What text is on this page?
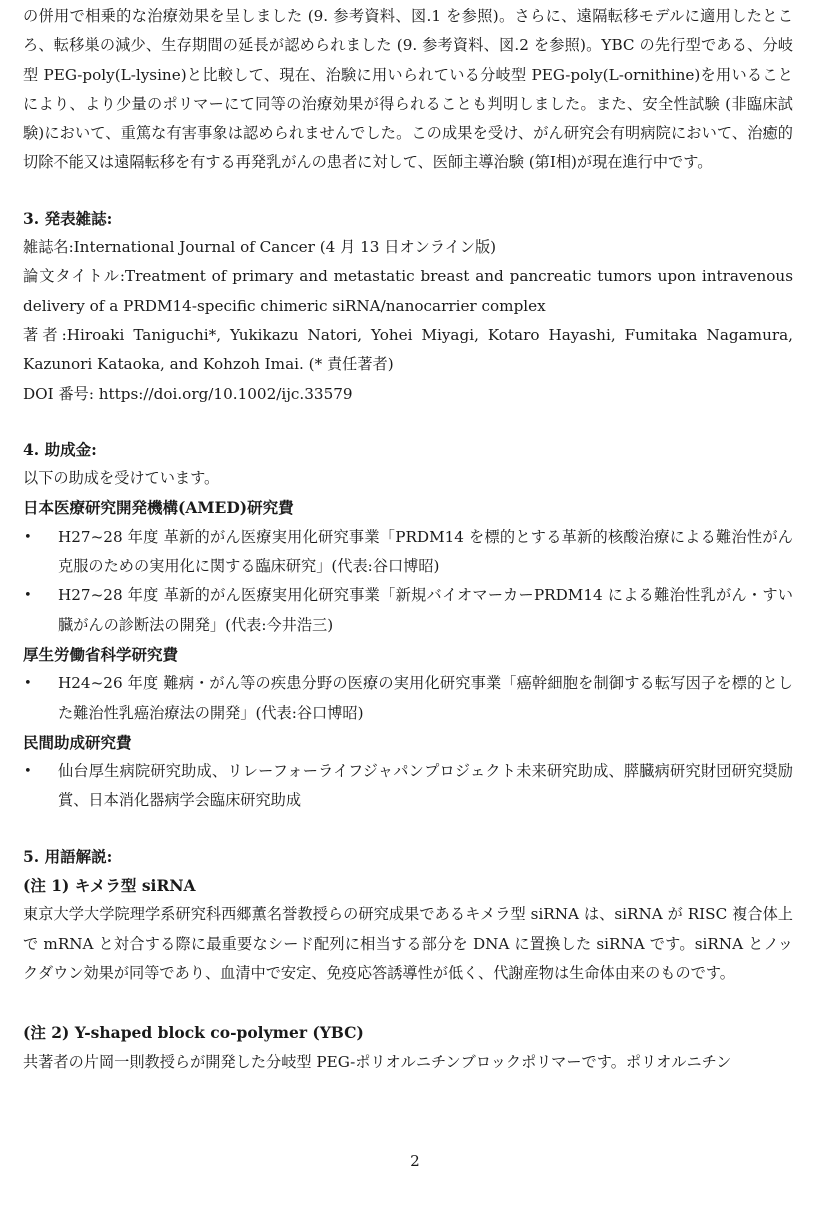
の併用で相乗的な治療効果を呈しました (9. 参考資料、図.1 を参照)。さらに、遠隔転移モデルに適用したところ、転移巣の減少、生存期間の延長が認められました (9. 参考資料、図.2 を参照)。YBC の先行型である、分岐型 PEG-poly(L-lysine)と比較して、現在、治験に用いられている分岐型 PEG-poly(L-ornithine)を用いることにより、より少量のポリマーにて同等の治療効果が得られることも判明しました。また、安全性試験 (非臨床試験)において、重篤な有害事象は認められませんでした。この成果を受け、がん研究会有明病院において、治癒的切除不能又は遠隔転移を有する再発乳がんの患者に対して、医師主導治験 (第I相)が現在進行中です。

3. 発表雑誌:
雑誌名:International Journal of Cancer (4 月 13 日オンライン版)
論文タイトル:Treatment of primary and metastatic breast and pancreatic tumors upon intravenous delivery of a PRDM14-specific chimeric siRNA/nanocarrier complex
著者:Hiroaki Taniguchi*, Yukikazu Natori, Yohei Miyagi, Kotaro Hayashi, Fumitaka Nagamura, Kazunori Kataoka, and Kohzoh Imai. (* 責任著者)
DOI 番号: https://doi.org/10.1002/ijc.33579
4. 助成金:
以下の助成を受けています。
日本医療研究開発機構(AMED)研究費
•	H27~28 年度 革新的がん医療実用化研究事業「PRDM14 を標的とする革新的核酸治療による難治性がん克服のための実用化に関する臨床研究」(代表:谷口博昭)
•	H27~28 年度 革新的がん医療実用化研究事業「新規バイオマーカーPRDM14 による難治性乳がん・すい臓がんの診断法の開発」(代表:今井浩三)
厚生労働省科学研究費
•	H24~26 年度 難病・がん等の疾患分野の医療の実用化研究事業「癌幹細胞を制御する転写因子を標的とした難治性乳癌治療法の開発」(代表:谷口博昭)
民間助成研究費
•	仙台厚生病院研究助成、リレーフォーライフジャパンプロジェクト未来研究助成、膵臓病研究財団研究奨励賞、日本消化器病学会臨床研究助成
5. 用語解説:
(注 1) キメラ型 siRNA

東京大学大学院理学系研究科西郷薫名誉教授らの研究成果であるキメラ型 siRNA は、siRNA が RISC 複合体上で mRNA と対合する際に最重要なシード配列に相当する部分を DNA に置換した siRNA です。siRNA とノックダウン効果が同等であり、血清中で安定、免疫応答誘導性が低く、代謝産物は生命体由来のものです。

(注 2) Y-shaped block co-polymer (YBC)

共著者の片岡一則教授らが開発した分岐型 PEG-ポリオルニチンブロックポリマーです。ポリオルニチン

2
